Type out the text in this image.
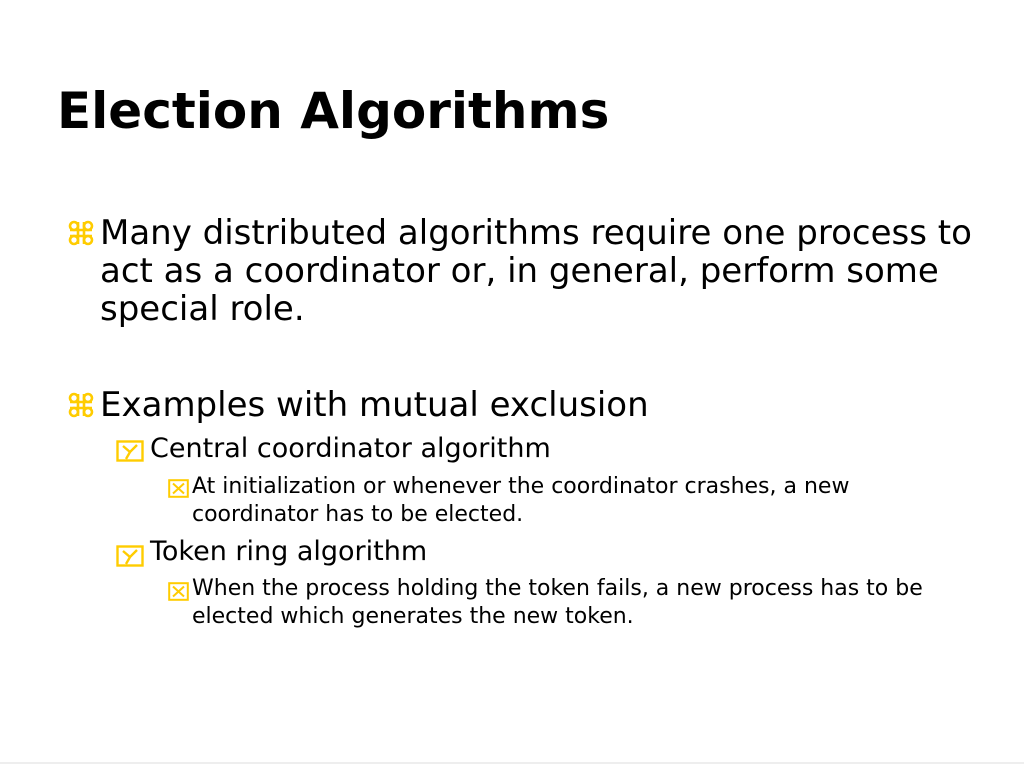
Election Algorithms

Many distributed algorithms require one process to act as a coordinator or, in general, perform some special role.

Examples with mutual exclusion

Central coordinator algorithm

At initialization or whenever the coordinator crashes, a new coordinator has to be elected.

Token ring algorithm

When the process holding the token fails, a new process has to be elected which generates the new token.
